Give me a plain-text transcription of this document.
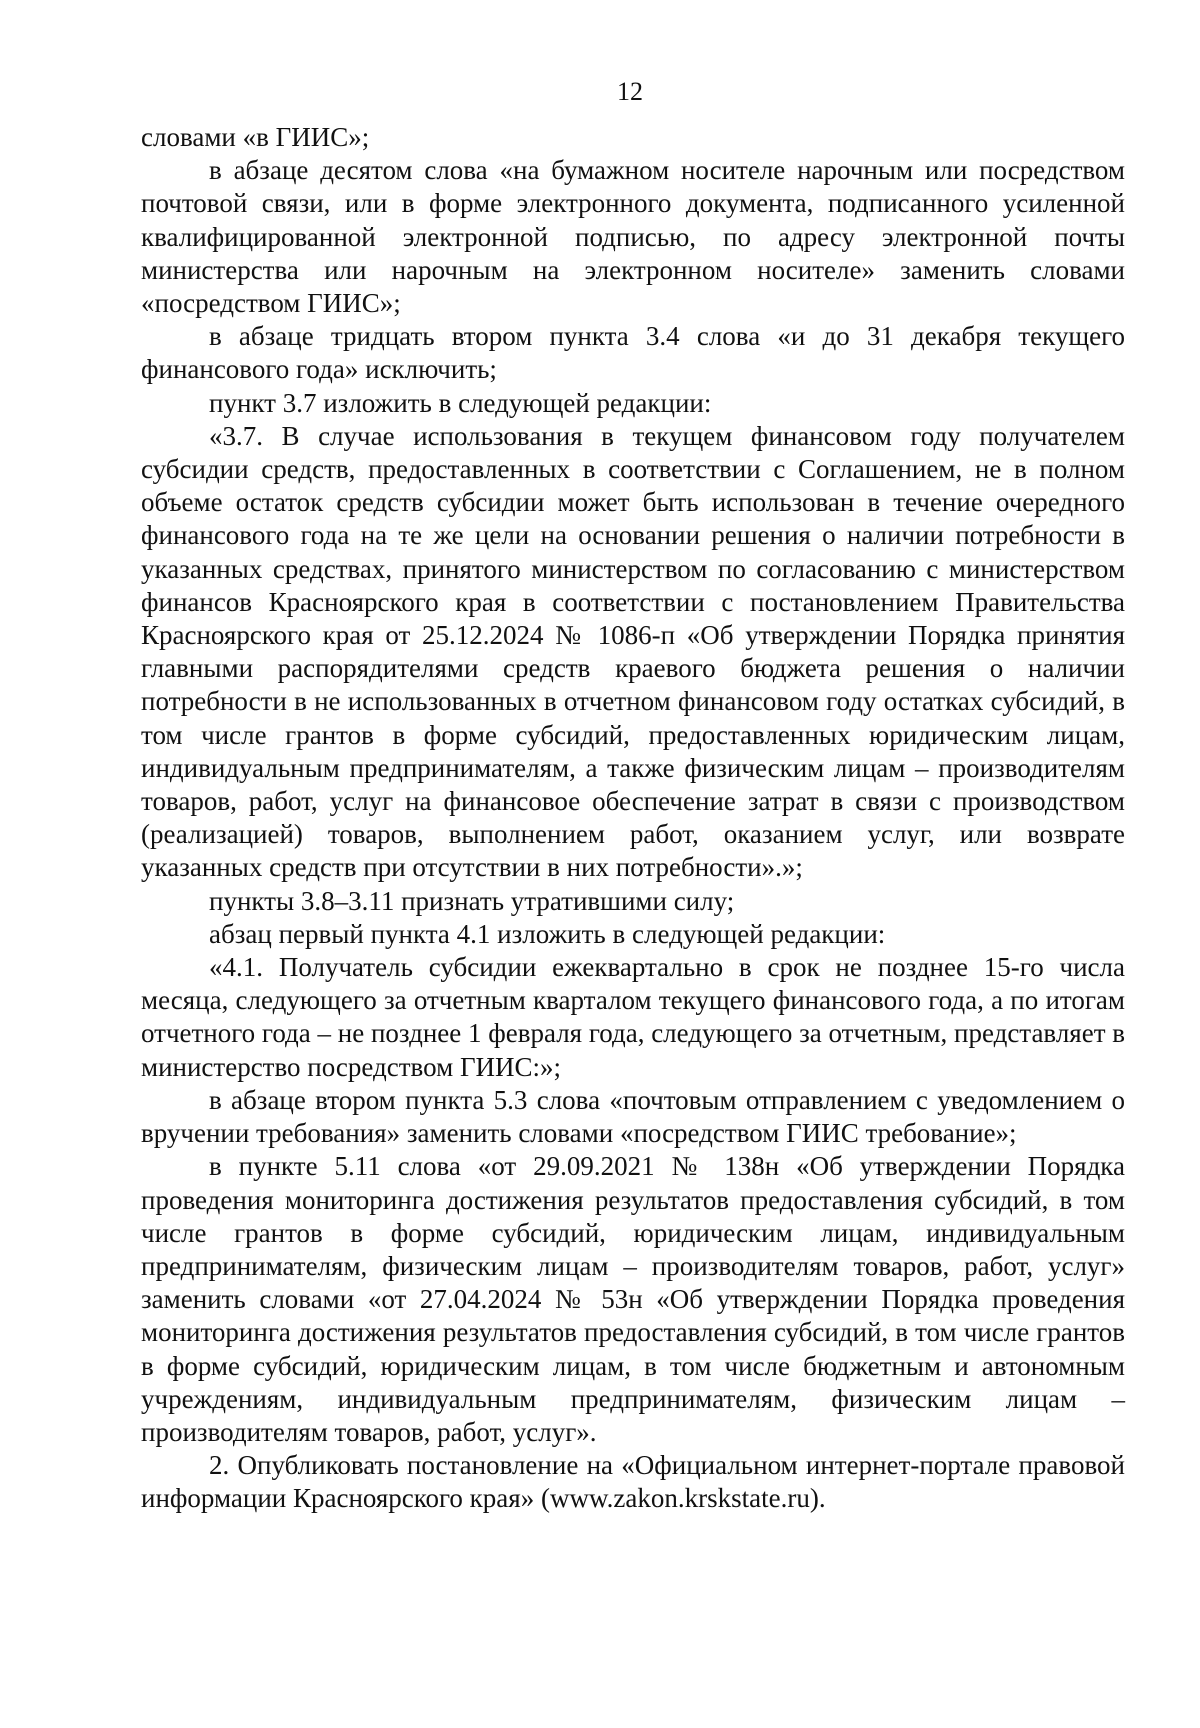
12

словами «в ГИИС»;

в абзаце десятом слова «на бумажном носителе нарочным или посредством почтовой связи, или в форме электронного документа, подписанного усиленной квалифицированной электронной подписью, по адресу электронной почты министерства или нарочным на электронном носителе» заменить словами «посредством ГИИС»;

в абзаце тридцать втором пункта 3.4 слова «и до 31 декабря текущего финансового года» исключить;

пункт 3.7 изложить в следующей редакции:

«3.7. В случае использования в текущем финансовом году получателем субсидии средств, предоставленных в соответствии с Соглашением, не в полном объеме остаток средств субсидии может быть использован в течение очередного финансового года на те же цели на основании решения о наличии потребности в указанных средствах, принятого министерством по согласованию с министерством финансов Красноярского края в соответствии с постановлением Правительства Красноярского края от 25.12.2024 № 1086-п «Об утверждении Порядка принятия главными распорядителями средств краевого бюджета решения о наличии потребности в не использованных в отчетном финансовом году остатках субсидий, в том числе грантов в форме субсидий, предоставленных юридическим лицам, индивидуальным предпринимателям, а также физическим лицам – производителям товаров, работ, услуг на финансовое обеспечение затрат в связи с производством (реализацией) товаров, выполнением работ, оказанием услуг, или возврате указанных средств при отсутствии в них потребности».»;

пункты 3.8–3.11 признать утратившими силу;

абзац первый пункта 4.1 изложить в следующей редакции:

«4.1. Получатель субсидии ежеквартально в срок не позднее 15-го числа месяца, следующего за отчетным кварталом текущего финансового года, а по итогам отчетного года – не позднее 1 февраля года, следующего за отчетным, представляет в министерство посредством ГИИС:»;

в абзаце втором пункта 5.3 слова «почтовым отправлением с уведомлением о вручении требования» заменить словами «посредством ГИИС требование»;

в пункте 5.11 слова «от 29.09.2021 № 138н «Об утверждении Порядка проведения мониторинга достижения результатов предоставления субсидий, в том числе грантов в форме субсидий, юридическим лицам, индивидуальным предпринимателям, физическим лицам – производителям товаров, работ, услуг» заменить словами «от 27.04.2024 № 53н «Об утверждении Порядка проведения мониторинга достижения результатов предоставления субсидий, в том числе грантов в форме субсидий, юридическим лицам, в том числе бюджетным и автономным учреждениям, индивидуальным предпринимателям, физическим лицам – производителям товаров, работ, услуг».

2. Опубликовать постановление на «Официальном интернет-портале правовой информации Красноярского края» (www.zakon.krskstate.ru).
